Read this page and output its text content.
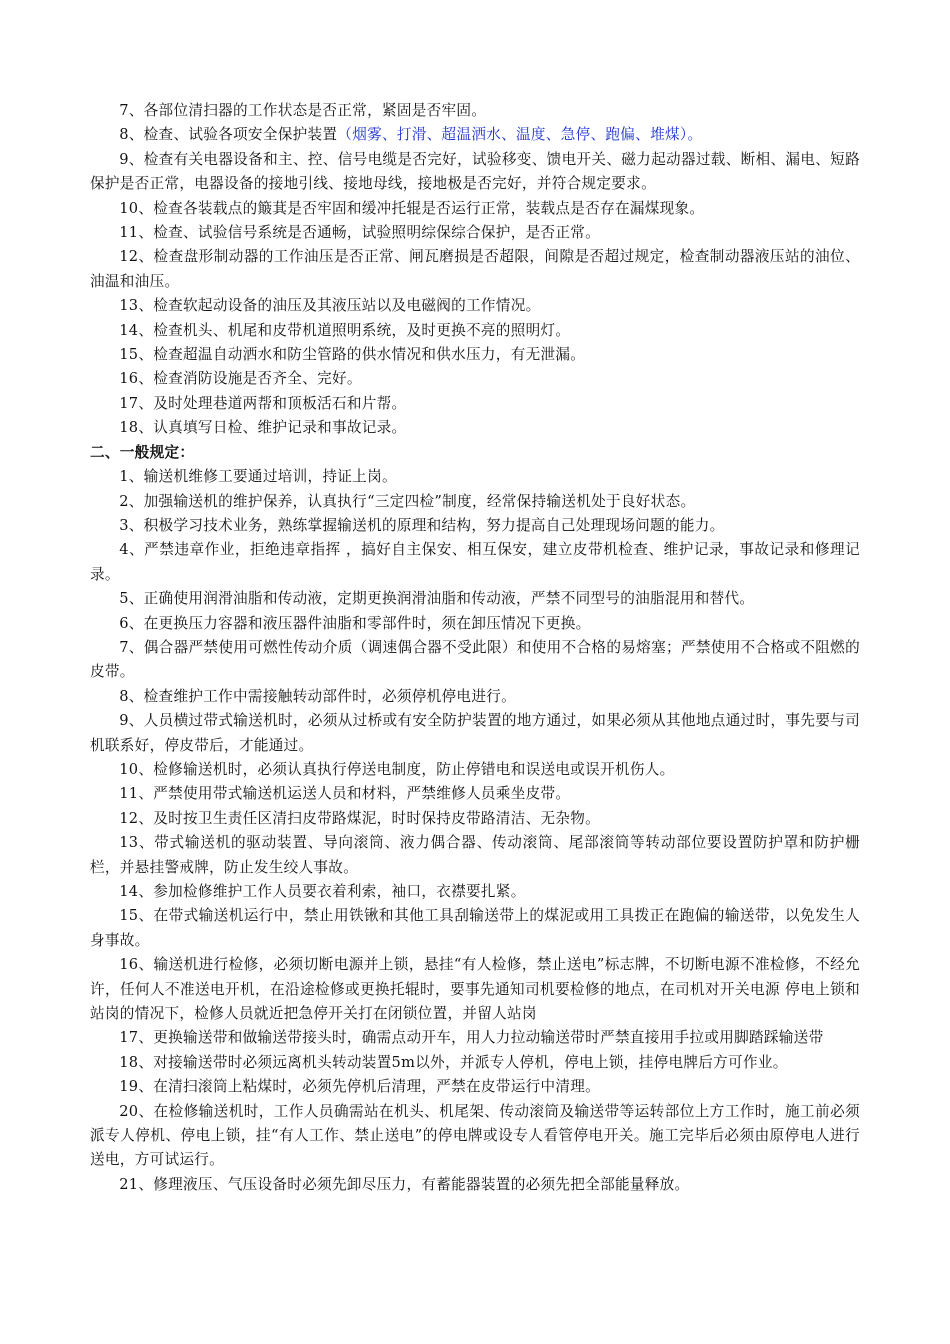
7、各部位清扫器的工作状态是否正常，紧固是否牢固。

8、检查、试验各项安全保护装置（烟雾、打滑、超温洒水、温度、急停、跑偏、堆煤）。

9、检查有关电器设备和主、控、信号电缆是否完好，试验移变、馈电开关、磁力起动器过载、断相、漏电、短路保护是否正常，电器设备的接地引线、接地母线，接地极是否完好，并符合规定要求。

10、检查各装载点的簸萁是否牢固和缓冲托辊是否运行正常，装载点是否存在漏煤现象。

11、检查、试验信号系统是否通畅，试验照明综保综合保护，是否正常。

12、检查盘形制动器的工作油压是否正常、闸瓦磨损是否超限，间隙是否超过规定，检查制动器液压站的油位、油温和油压。

13、检查软起动设备的油压及其液压站以及电磁阀的工作情况。

14、检查机头、机尾和皮带机道照明系统，及时更换不亮的照明灯。

15、检查超温自动洒水和防尘管路的供水情况和供水压力，有无泄漏。

16、检查消防设施是否齐全、完好。

17、及时处理巷道两帮和顶板活石和片帮。

18、认真填写日检、维护记录和事故记录。

二、一般规定：

1、输送机维修工要通过培训，持证上岗。

2、加强输送机的维护保养，认真执行“三定四检”制度，经常保持输送机处于良好状态。

3、积极学习技术业务，熟练掌握输送机的原理和结构，努力提高自己处理现场问题的能力。

4、严禁违章作业，拒绝违章指挥 ，搞好自主保安、相互保安，建立皮带机检查、维护记录，事故记录和修理记录。

5、正确使用润滑油脂和传动液，定期更换润滑油脂和传动液，严禁不同型号的油脂混用和替代。

6、在更换压力容器和液压器件油脂和零部件时，须在卸压情况下更换。

7、偶合器严禁使用可燃性传动介质（调速偶合器不受此限）和使用不合格的易熔塞；严禁使用不合格或不阻燃的皮带。

8、检查维护工作中需接触转动部件时，必须停机停电进行。

9、人员横过带式输送机时，必须从过桥或有安全防护装置的地方通过，如果必须从其他地点通过时，事先要与司机联系好，停皮带后，才能通过。

10、检修输送机时，必须认真执行停送电制度，防止停错电和误送电或误开机伤人。

11、严禁使用带式输送机运送人员和材料，严禁维修人员乘坐皮带。

12、及时按卫生责任区清扫皮带路煤泥，时时保持皮带路清洁、无杂物。

13、带式输送机的驱动装置、导向滚筒、液力偶合器、传动滚筒、尾部滚筒等转动部位要设置防护罩和防护栅栏，并悬挂警戒牌，防止发生绞人事故。

14、参加检修维护工作人员要衣着利索，袖口，衣襟要扎紧。

15、在带式输送机运行中，禁止用铁锹和其他工具刮输送带上的煤泥或用工具拨正在跑偏的输送带，以免发生人身事故。

16、输送机进行检修，必须切断电源并上锁，悬挂“有人检修，禁止送电”标志牌，不切断电源不准检修，不经允许，任何人不准送电开机，在沿途检修或更换托辊时，要事先通知司机要检修的地点，在司机对开关电源 停电上锁和站岗的情况下，检修人员就近把急停开关打在闭锁位置，并留人站岗

17、更换输送带和做输送带接头时，确需点动开车，用人力拉动输送带时严禁直接用手拉或用脚踏踩输送带

18、对接输送带时必须远离机头转动装置5m以外，并派专人停机，停电上锁，挂停电牌后方可作业。

19、在清扫滚筒上粘煤时，必须先停机后清理，严禁在皮带运行中清理。

20、在检修输送机时，工作人员确需站在机头、机尾架、传动滚筒及输送带等运转部位上方工作时，施工前必须派专人停机、停电上锁，挂“有人工作、禁止送电”的停电牌或设专人看管停电开关。施工完毕后必须由原停电人进行送电，方可试运行。

21、修理液压、气压设备时必须先卸尽压力，有蓄能器装置的必须先把全部能量释放。
